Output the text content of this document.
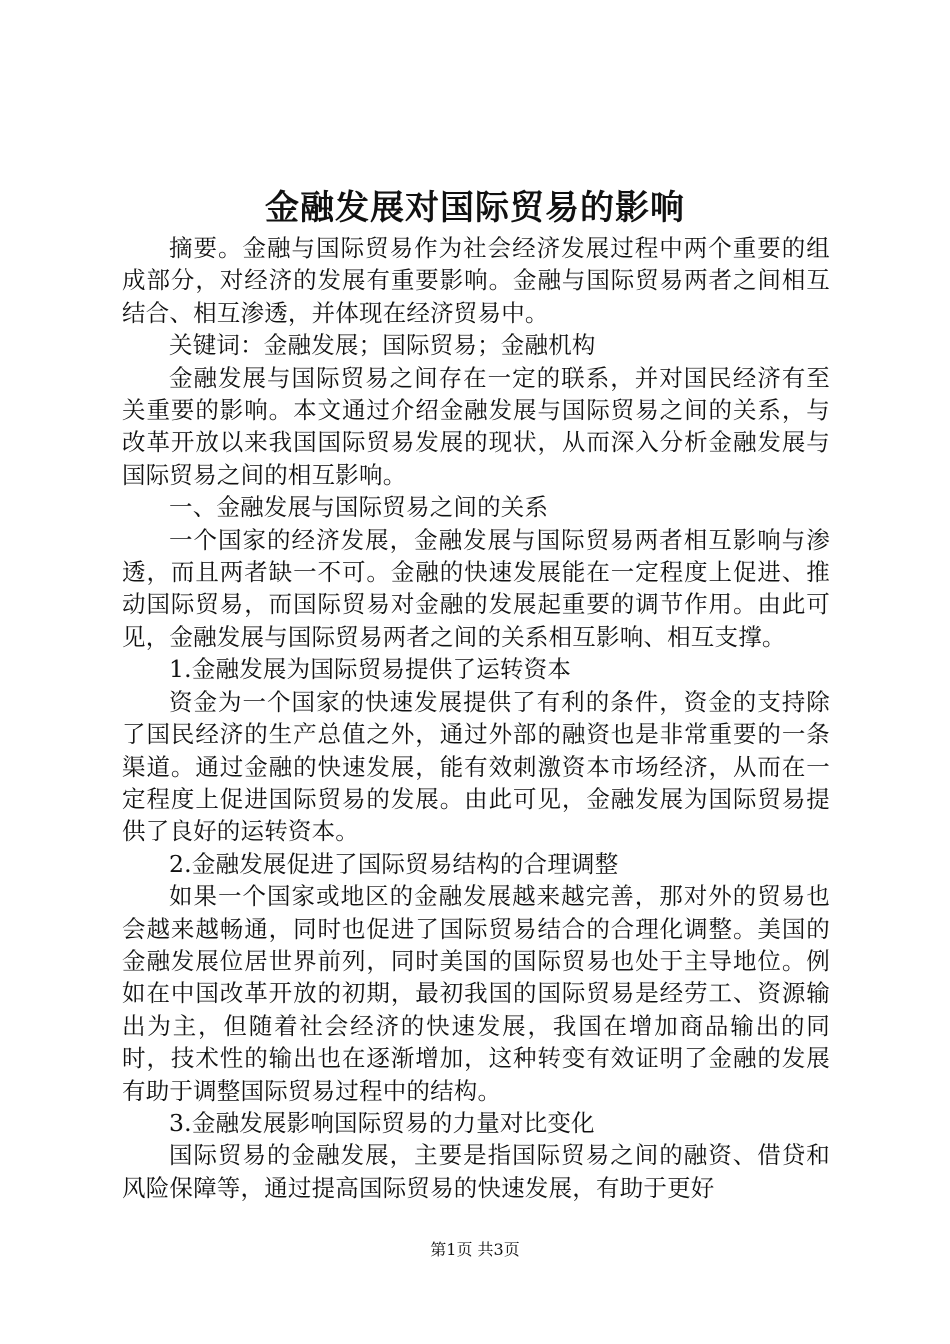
金融发展对国际贸易的影响

摘要。金融与国际贸易作为社会经济发展过程中两个重要的组成部分，对经济的发展有重要影响。金融与国际贸易两者之间相互结合、相互渗透，并体现在经济贸易中。

关键词：金融发展；国际贸易；金融机构

金融发展与国际贸易之间存在一定的联系，并对国民经济有至关重要的影响。本文通过介绍金融发展与国际贸易之间的关系，与改革开放以来我国国际贸易发展的现状，从而深入分析金融发展与国际贸易之间的相互影响。

一、金融发展与国际贸易之间的关系

一个国家的经济发展，金融发展与国际贸易两者相互影响与渗透，而且两者缺一不可。金融的快速发展能在一定程度上促进、推动国际贸易，而国际贸易对金融的发展起重要的调节作用。由此可见，金融发展与国际贸易两者之间的关系相互影响、相互支撑。

1.金融发展为国际贸易提供了运转资本

资金为一个国家的快速发展提供了有利的条件，资金的支持除了国民经济的生产总值之外，通过外部的融资也是非常重要的一条渠道。通过金融的快速发展，能有效刺激资本市场经济，从而在一定程度上促进国际贸易的发展。由此可见，金融发展为国际贸易提供了良好的运转资本。

2.金融发展促进了国际贸易结构的合理调整

如果一个国家或地区的金融发展越来越完善，那对外的贸易也会越来越畅通，同时也促进了国际贸易结合的合理化调整。美国的金融发展位居世界前列，同时美国的国际贸易也处于主导地位。例如在中国改革开放的初期，最初我国的国际贸易是经劳工、资源输出为主，但随着社会经济的快速发展，我国在增加商品输出的同时，技术性的输出也在逐渐增加，这种转变有效证明了金融的发展有助于调整国际贸易过程中的结构。

3.金融发展影响国际贸易的力量对比变化

国际贸易的金融发展，主要是指国际贸易之间的融资、借贷和风险保障等，通过提高国际贸易的快速发展，有助于更好

第1页 共3页
